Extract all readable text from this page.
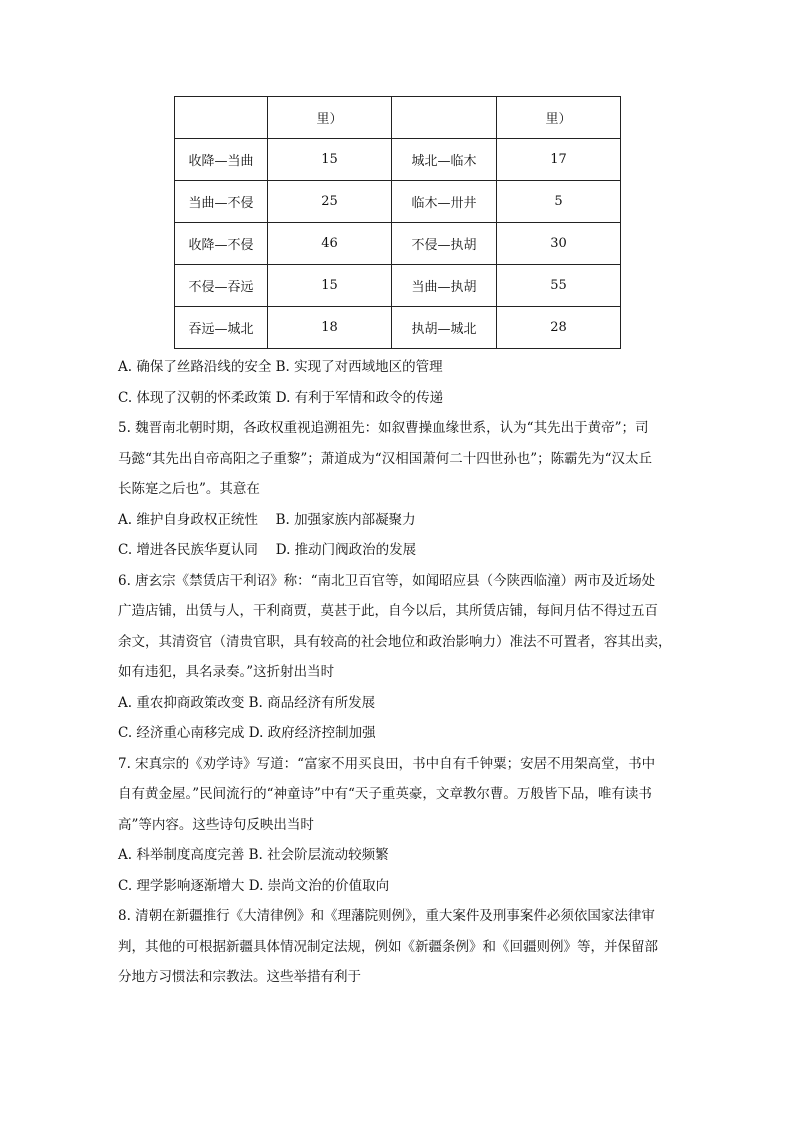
	里）		里）
收降—当曲	15	城北—临木	17
当曲—不侵	25	临木—卅井	5
收降—不侵	46	不侵—执胡	30
不侵—吞远	15	当曲—执胡	55
吞远—城北	18	执胡—城北	28

A. 确保了丝路沿线的安全 B. 实现了对西域地区的管理

C. 体现了汉朝的怀柔政策 D. 有利于军情和政令的传递

5. 魏晋南北朝时期，各政权重视追溯祖先：如叙曹操血缘世系，认为“其先出于黄帝”；司

马懿“其先出自帝高阳之子重黎”；萧道成为“汉相国萧何二十四世孙也”；陈霸先为“汉太丘

长陈寔之后也”。其意在

A. 维护自身政权正统性 　B. 加强家族内部凝聚力

C. 增进各民族华夏认同 　D. 推动门阀政治的发展

6. 唐玄宗《禁赁店干利诏》称：“南北卫百官等，如闻昭应县（今陕西临潼）两市及近场处

广造店铺，出赁与人，干利商贾，莫甚于此，自今以后，其所赁店铺，每间月估不得过五百

余文，其清资官（清贵官职，具有较高的社会地位和政治影响力）准法不可置者，容其出卖，

如有违犯，具名录奏。”这折射出当时

A. 重农抑商政策改变 B. 商品经济有所发展

C. 经济重心南移完成 D. 政府经济控制加强

7. 宋真宗的《劝学诗》写道：“富家不用买良田，书中自有千钟粟；安居不用架高堂，书中

自有黄金屋。”民间流行的“神童诗”中有“天子重英豪，文章教尔曹。万般皆下品，唯有读书

高”等内容。这些诗句反映出当时

A. 科举制度高度完善 B. 社会阶层流动较频繁

C. 理学影响逐渐增大 D. 崇尚文治的价值取向

8. 清朝在新疆推行《大清律例》和《理藩院则例》，重大案件及刑事案件必须依国家法律审

判，其他的可根据新疆具体情况制定法规，例如《新疆条例》和《回疆则例》等，并保留部

分地方习惯法和宗教法。这些举措有利于
